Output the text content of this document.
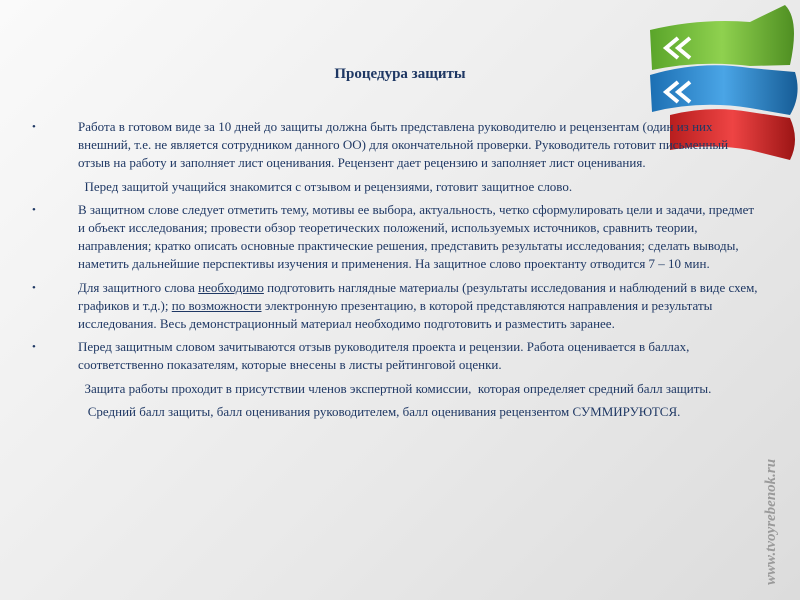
Процедура защиты

•	Работа в готовом виде за 10 дней до защиты должна быть представлена руководителю и рецензентам (один из них внешний, т.е. не является сотрудником данного ОО) для окончательной проверки. Руководитель готовит письменный отзыв на работу и заполняет лист оценивания. Рецензент дает рецензию и заполняет лист оценивания.

Перед защитой учащийся знакомится с отзывом и рецензиями, готовит защитное слово.

•	В защитном слове следует отметить тему, мотивы ее выбора, актуальность, четко сформулировать цели и задачи, предмет и объект исследования; провести обзор теоретических положений, используемых источников, сравнить теории, направления; кратко описать основные практические решения, представить результаты исследования; сделать выводы, наметить дальнейшие перспективы изучения и применения. На защитное слово проектанту отводится 7 – 10 мин.

•	Для защитного слова необходимо подготовить наглядные материалы (результаты исследования и наблюдений в виде схем, графиков и т.д.); по возможности электронную презентацию, в которой представляются направления и результаты исследования. Весь демонстрационный материал необходимо подготовить и разместить заранее.

•	Перед защитным словом зачитываются отзыв руководителя проекта и рецензии. Работа оценивается в баллах, соответственно показателям, которые внесены в листы рейтинговой оценки.

Защита работы проходит в присутствии членов экспертной комиссии,  которая определяет средний балл защиты.

Средний балл защиты, балл оценивания руководителем, балл оценивания рецензентом СУММИРУЮТСЯ.

www.tvoyrebenok.ru
